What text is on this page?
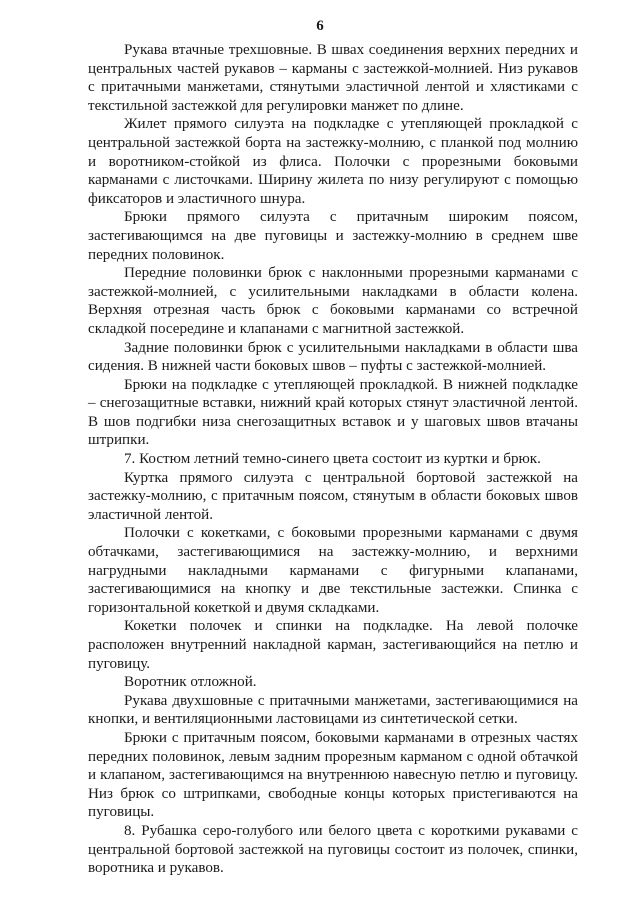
6

Рукава втачные трехшовные. В швах соединения верхних передних и центральных частей рукавов – карманы с застежкой-молнией. Низ рукавов с притачными манжетами, стянутыми эластичной лентой и хлястиками с текстильной застежкой для регулировки манжет по длине.

Жилет прямого силуэта на подкладке с утепляющей прокладкой с центральной застежкой борта на застежку-молнию, с планкой под молнию и воротником-стойкой из флиса. Полочки с прорезными боковыми карманами с листочками. Ширину жилета по низу регулируют с помощью фиксаторов и эластичного шнура.

Брюки прямого силуэта с притачным широким поясом, застегивающимся на две пуговицы и застежку-молнию в среднем шве передних половинок.

Передние половинки брюк с наклонными прорезными карманами с застежкой-молнией, с усилительными накладками в области колена. Верхняя отрезная часть брюк с боковыми карманами со встречной складкой посередине и клапанами с магнитной застежкой.

Задние половинки брюк с усилительными накладками в области шва сидения. В нижней части боковых швов – пуфты с застежкой-молнией.

Брюки на подкладке с утепляющей прокладкой. В нижней подкладке – снегозащитные вставки, нижний край которых стянут эластичной лентой. В шов подгибки низа снегозащитных вставок и у шаговых швов втачаны штрипки.

7. Костюм летний темно-синего цвета состоит из куртки и брюк.

Куртка прямого силуэта с центральной бортовой застежкой на застежку-молнию, с притачным поясом, стянутым в области боковых швов эластичной лентой.

Полочки с кокетками, с боковыми прорезными карманами с двумя обтачками, застегивающимися на застежку-молнию, и верхними нагрудными накладными карманами с фигурными клапанами, застегивающимися на кнопку и две текстильные застежки. Спинка с горизонтальной кокеткой и двумя складками.

Кокетки полочек и спинки на подкладке. На левой полочке расположен внутренний накладной карман, застегивающийся на петлю и пуговицу.

Воротник отложной.

Рукава двухшовные с притачными манжетами, застегивающимися на кнопки, и вентиляционными ластовицами из синтетической сетки.

Брюки с притачным поясом, боковыми карманами в отрезных частях передних половинок, левым задним прорезным карманом с одной обтачкой и клапаном, застегивающимся на внутреннюю навесную петлю и пуговицу. Низ брюк со штрипками, свободные концы которых пристегиваются на пуговицы.

8. Рубашка серо-голубого или белого цвета с короткими рукавами с центральной бортовой застежкой на пуговицы состоит из полочек, спинки, воротника и рукавов.
